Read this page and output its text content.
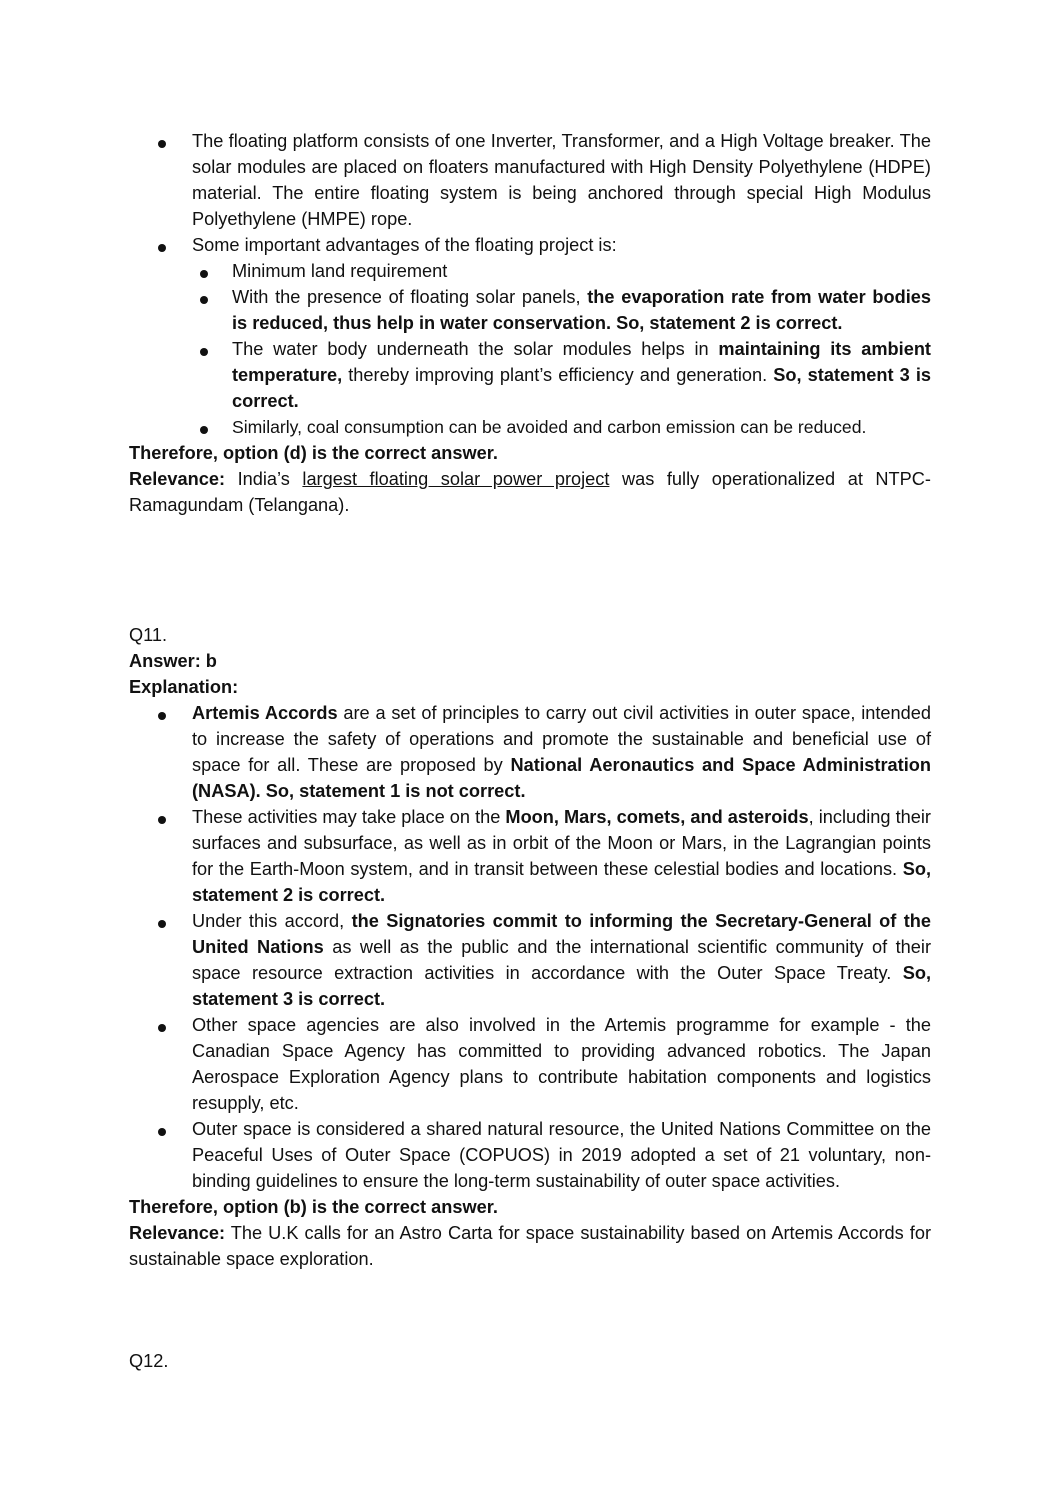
The floating platform consists of one Inverter, Transformer, and a High Voltage breaker. The solar modules are placed on floaters manufactured with High Density Polyethylene (HDPE) material. The entire floating system is being anchored through special High Modulus Polyethylene (HMPE) rope.
Some important advantages of the floating project is:
Minimum land requirement
With the presence of floating solar panels, the evaporation rate from water bodies is reduced, thus help in water conservation. So, statement 2 is correct.
The water body underneath the solar modules helps in maintaining its ambient temperature, thereby improving plant’s efficiency and generation. So, statement 3 is correct.
Similarly, coal consumption can be avoided and carbon emission can be reduced.
Therefore, option (d) is the correct answer.
Relevance: India’s largest floating solar power project was fully operationalized at NTPC-Ramagundam (Telangana).
Q11.
Answer: b
Explanation:
Artemis Accords are a set of principles to carry out civil activities in outer space, intended to increase the safety of operations and promote the sustainable and beneficial use of space for all. These are proposed by National Aeronautics and Space Administration (NASA). So, statement 1 is not correct.
These activities may take place on the Moon, Mars, comets, and asteroids, including their surfaces and subsurface, as well as in orbit of the Moon or Mars, in the Lagrangian points for the Earth-Moon system, and in transit between these celestial bodies and locations. So, statement 2 is correct.
Under this accord, the Signatories commit to informing the Secretary-General of the United Nations as well as the public and the international scientific community of their space resource extraction activities in accordance with the Outer Space Treaty. So, statement 3 is correct.
Other space agencies are also involved in the Artemis programme for example - the Canadian Space Agency has committed to providing advanced robotics. The Japan Aerospace Exploration Agency plans to contribute habitation components and logistics resupply, etc.
Outer space is considered a shared natural resource, the United Nations Committee on the Peaceful Uses of Outer Space (COPUOS) in 2019 adopted a set of 21 voluntary, non-binding guidelines to ensure the long-term sustainability of outer space activities.
Therefore, option (b) is the correct answer.
Relevance: The U.K calls for an Astro Carta for space sustainability based on Artemis Accords for sustainable space exploration.
Q12.
